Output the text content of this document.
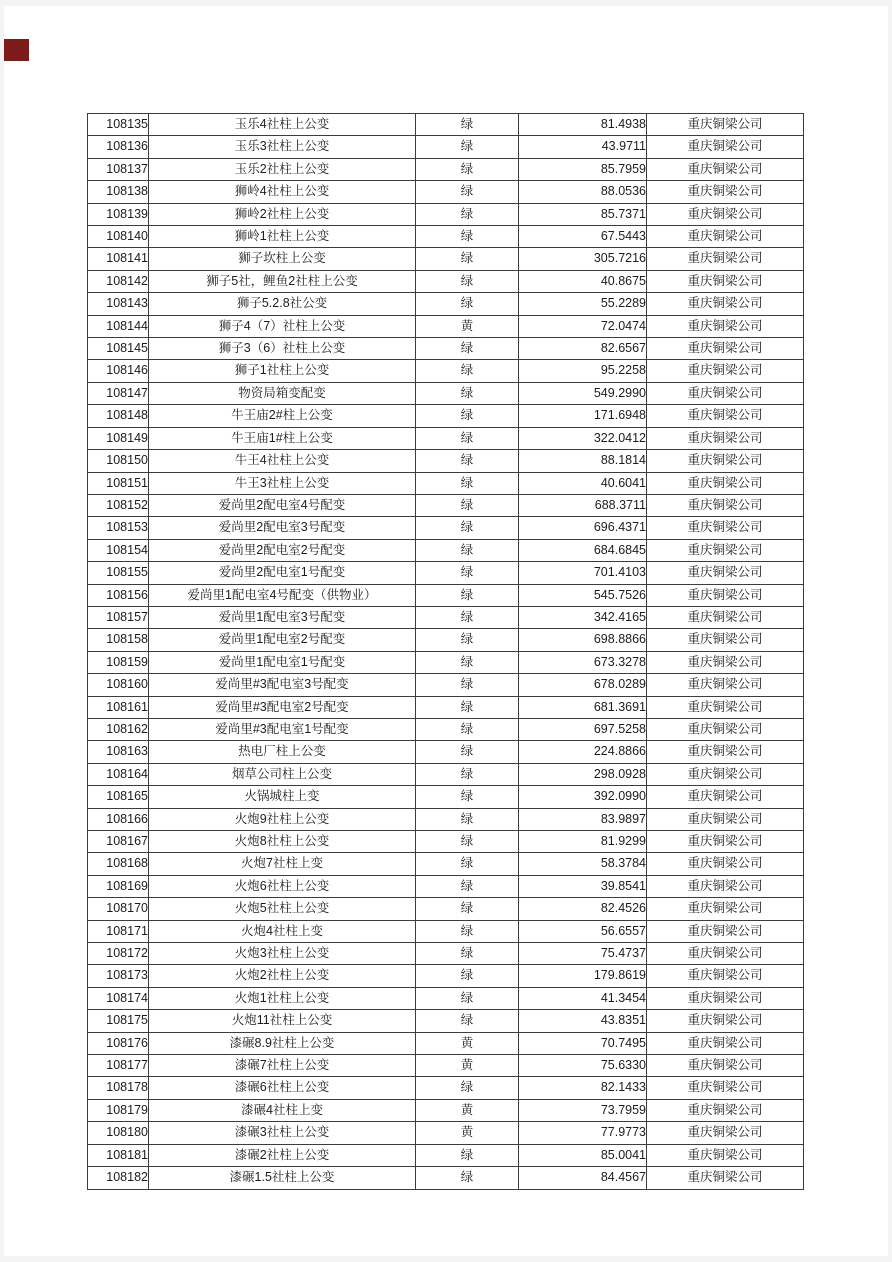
108135	玉乐4社柱上公变	绿	81.4938	重庆铜梁公司
108136	玉乐3社柱上公变	绿	43.9711	重庆铜梁公司
108137	玉乐2社柱上公变	绿	85.7959	重庆铜梁公司
108138	狮岭4社柱上公变	绿	88.0536	重庆铜梁公司
108139	狮岭2社柱上公变	绿	85.7371	重庆铜梁公司
108140	狮岭1社柱上公变	绿	67.5443	重庆铜梁公司
108141	狮子坎柱上公变	绿	305.7216	重庆铜梁公司
108142	狮子5社，鲤鱼2社柱上公变	绿	40.8675	重庆铜梁公司
108143	狮子5.2.8社公变	绿	55.2289	重庆铜梁公司
108144	狮子4（7）社柱上公变	黄	72.0474	重庆铜梁公司
108145	狮子3（6）社柱上公变	绿	82.6567	重庆铜梁公司
108146	狮子1社柱上公变	绿	95.2258	重庆铜梁公司
108147	物资局箱变配变	绿	549.2990	重庆铜梁公司
108148	牛王庙2#柱上公变	绿	171.6948	重庆铜梁公司
108149	牛王庙1#柱上公变	绿	322.0412	重庆铜梁公司
108150	牛王4社柱上公变	绿	88.1814	重庆铜梁公司
108151	牛王3社柱上公变	绿	40.6041	重庆铜梁公司
108152	爱尚里2配电室4号配变	绿	688.3711	重庆铜梁公司
108153	爱尚里2配电室3号配变	绿	696.4371	重庆铜梁公司
108154	爱尚里2配电室2号配变	绿	684.6845	重庆铜梁公司
108155	爱尚里2配电室1号配变	绿	701.4103	重庆铜梁公司
108156	爱尚里1配电室4号配变（供物业）	绿	545.7526	重庆铜梁公司
108157	爱尚里1配电室3号配变	绿	342.4165	重庆铜梁公司
108158	爱尚里1配电室2号配变	绿	698.8866	重庆铜梁公司
108159	爱尚里1配电室1号配变	绿	673.3278	重庆铜梁公司
108160	爱尚里#3配电室3号配变	绿	678.0289	重庆铜梁公司
108161	爱尚里#3配电室2号配变	绿	681.3691	重庆铜梁公司
108162	爱尚里#3配电室1号配变	绿	697.5258	重庆铜梁公司
108163	热电厂柱上公变	绿	224.8866	重庆铜梁公司
108164	烟草公司柱上公变	绿	298.0928	重庆铜梁公司
108165	火锅城柱上变	绿	392.0990	重庆铜梁公司
108166	火炮9社柱上公变	绿	83.9897	重庆铜梁公司
108167	火炮8社柱上公变	绿	81.9299	重庆铜梁公司
108168	火炮7社柱上变	绿	58.3784	重庆铜梁公司
108169	火炮6社柱上公变	绿	39.8541	重庆铜梁公司
108170	火炮5社柱上公变	绿	82.4526	重庆铜梁公司
108171	火炮4社柱上变	绿	56.6557	重庆铜梁公司
108172	火炮3社柱上公变	绿	75.4737	重庆铜梁公司
108173	火炮2社柱上公变	绿	179.8619	重庆铜梁公司
108174	火炮1社柱上公变	绿	41.3454	重庆铜梁公司
108175	火炮11社柱上公变	绿	43.8351	重庆铜梁公司
108176	漆碾8.9社柱上公变	黄	70.7495	重庆铜梁公司
108177	漆碾7社柱上公变	黄	75.6330	重庆铜梁公司
108178	漆碾6社柱上公变	绿	82.1433	重庆铜梁公司
108179	漆碾4社柱上变	黄	73.7959	重庆铜梁公司
108180	漆碾3社柱上公变	黄	77.9773	重庆铜梁公司
108181	漆碾2社柱上公变	绿	85.0041	重庆铜梁公司
108182	漆碾1.5社柱上公变	绿	84.4567	重庆铜梁公司
